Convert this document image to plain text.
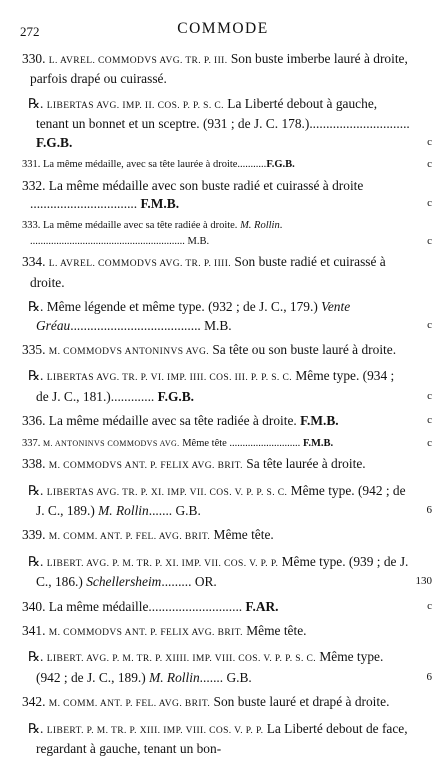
272	COMMODE
330. L. AVREL. COMMODVS AVG. TR. P. III. Son buste imberbe lauré à droite, parfois drapé ou cuirassé.
℞. LIBERTAS AVG. IMP. II. COS. P. P. S. C. La Liberté debout à gauche, tenant un bonnet et un sceptre. (931 ; de J. C. 178.).............................. F.G.B.	c
331. La même médaille, avec sa tête laurée à droite...........F.G.B.	c
332. La même médaille avec son buste radié et cuirassé à droite ................................ F.M.B.	c
333. La même médaille avec sa tête radiée à droite. M. Rollin. ........................................................... M.B.	c
334. L. AVREL. COMMODVS AVG. TR. P. IIII. Son buste radié et cuirassé à droite.
℞. Même légende et même type. (932 ; de J. C., 179.) Vente Gréau....................................... M.B.	c
335. M. COMMODVS ANTONINVS AVG. Sa tête ou son buste lauré à droite.
℞. LIBERTAS AVG. TR. P. VI. IMP. IIII. COS. III. P. P. S. C. Même type. (934 ; de J. C., 181.)............. F.G.B.	c
336. La même médaille avec sa tête radiée à droite. F.M.B.	c
337. M. ANTONINVS COMMODVS AVG. Même tête ........................... F.M.B.	c
338. M. COMMODVS ANT. P. FELIX AVG. BRIT. Sa tête laurée à droite.
℞. LIBERTAS AVG. TR. P. XI. IMP. VII. COS. V. P. P. S. C. Même type. (942 ; de J. C., 189.) M. Rollin....... G.B.	6
339. M. COMM. ANT. P. FEL. AVG. BRIT. Même tête.
℞. LIBERT. AVG. P. M. TR. P. XI. IMP. VII. COS. V. P. P. Même type. (939 ; de J. C., 186.) Schellersheim......... OR.	130
340. La même médaille............................ F.AR.	c
341. M. COMMODVS ANT. P. FELIX AVG. BRIT. Même tête.
℞. LIBERT. AVG. P. M. TR. P. XIIII. IMP. VIII. COS. V. P. P. S. C. Même type. (942 ; de J. C., 189.) M. Rollin....... G.B.	6
342. M. COMM. ANT. P. FEL. AVG. BRIT. Son buste lauré et drapé à droite.
℞. LIBERT. P. M. TR. P. XIII. IMP. VIII. COS. V. P. P. La Liberté debout de face, regardant à gauche, tenant un bon-
